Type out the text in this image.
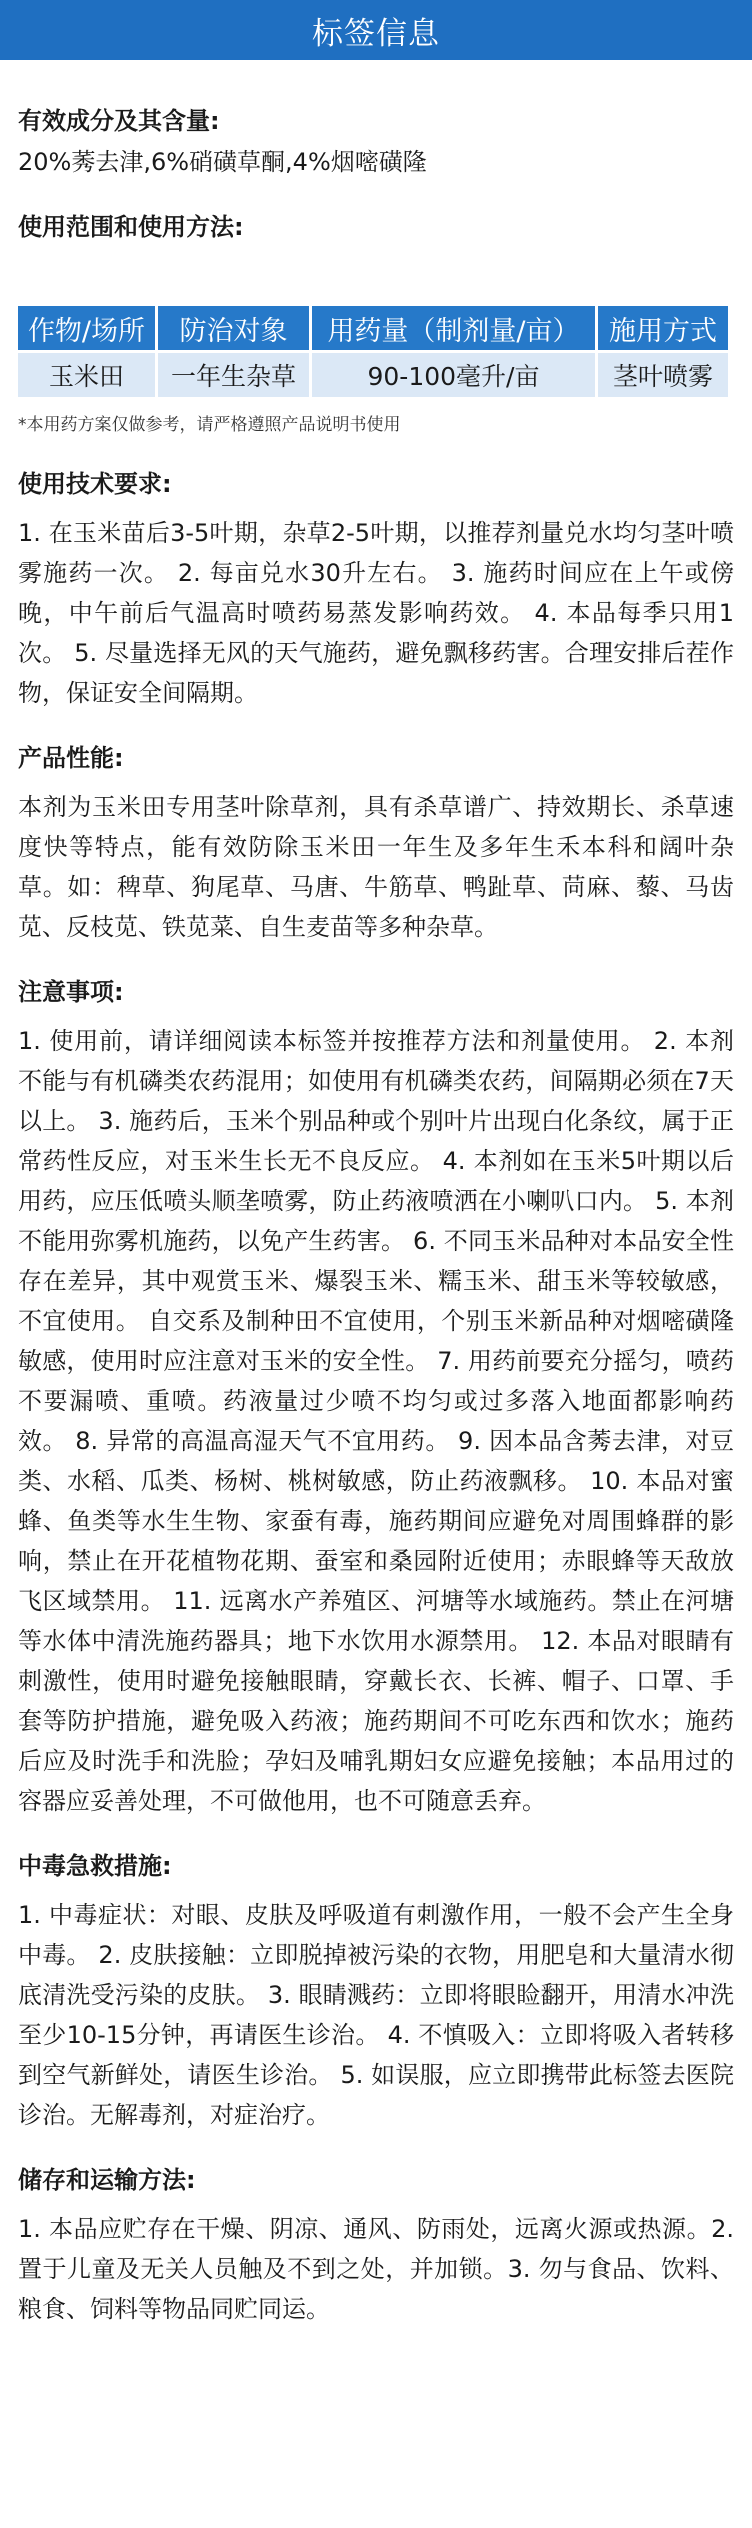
标签信息
有效成分及其含量:

20%莠去津,6%硝磺草酮,4%烟嘧磺隆

使用范围和使用方法:
作物/场所	防治对象	用药量（制剂量/亩）	施用方式
玉米田	一年生杂草	90-100毫升/亩	茎叶喷雾

*本用药方案仅做参考，请严格遵照产品说明书使用

使用技术要求:

1. 在玉米苗后3-5叶期，杂草2-5叶期，以推荐剂量兑水均匀茎叶喷雾施药一次。 2. 每亩兑水30升左右。 3. 施药时间应在上午或傍晚，中午前后气温高时喷药易蒸发影响药效。 4. 本品每季只用1次。 5. 尽量选择无风的天气施药，避免飘移药害。合理安排后茬作物，保证安全间隔期。

产品性能:

本剂为玉米田专用茎叶除草剂，具有杀草谱广、持效期长、杀草速度快等特点，能有效防除玉米田一年生及多年生禾本科和阔叶杂草。如：稗草、狗尾草、马唐、牛筋草、鸭趾草、苘麻、藜、马齿苋、反枝苋、铁苋菜、自生麦苗等多种杂草。

注意事项:

1. 使用前，请详细阅读本标签并按推荐方法和剂量使用。 2. 本剂不能与有机磷类农药混用；如使用有机磷类农药，间隔期必须在7天以上。 3. 施药后，玉米个别品种或个别叶片出现白化条纹，属于正常药性反应，对玉米生长无不良反应。 4. 本剂如在玉米5叶期以后用药，应压低喷头顺垄喷雾，防止药液喷洒在小喇叭口内。 5. 本剂不能用弥雾机施药，以免产生药害。 6. 不同玉米品种对本品安全性存在差异，其中观赏玉米、爆裂玉米、糯玉米、甜玉米等较敏感，不宜使用。 自交系及制种田不宜使用，个别玉米新品种对烟嘧磺隆敏感，使用时应注意对玉米的安全性。 7. 用药前要充分摇匀，喷药不要漏喷、重喷。药液量过少喷不均匀或过多落入地面都影响药效。 8. 异常的高温高湿天气不宜用药。 9. 因本品含莠去津，对豆类、水稻、瓜类、杨树、桃树敏感，防止药液飘移。 10. 本品对蜜蜂、鱼类等水生生物、家蚕有毒，施药期间应避免对周围蜂群的影响，禁止在开花植物花期、蚕室和桑园附近使用；赤眼蜂等天敌放飞区域禁用。 11. 远离水产养殖区、河塘等水域施药。禁止在河塘等水体中清洗施药器具；地下水饮用水源禁用。 12. 本品对眼睛有刺激性，使用时避免接触眼睛，穿戴长衣、长裤、帽子、口罩、手套等防护措施，避免吸入药液；施药期间不可吃东西和饮水；施药后应及时洗手和洗脸；孕妇及哺乳期妇女应避免接触；本品用过的容器应妥善处理，不可做他用，也不可随意丢弃。

中毒急救措施:

1. 中毒症状：对眼、皮肤及呼吸道有刺激作用，一般不会产生全身中毒。 2. 皮肤接触：立即脱掉被污染的衣物，用肥皂和大量清水彻底清洗受污染的皮肤。 3. 眼睛溅药：立即将眼睑翻开，用清水冲洗至少10-15分钟，再请医生诊治。 4. 不慎吸入：立即将吸入者转移到空气新鲜处，请医生诊治。 5. 如误服，应立即携带此标签去医院诊治。无解毒剂，对症治疗。

储存和运输方法:

1. 本品应贮存在干燥、阴凉、通风、防雨处，远离火源或热源。2. 置于儿童及无关人员触及不到之处，并加锁。3. 勿与食品、饮料、粮食、饲料等物品同贮同运。
